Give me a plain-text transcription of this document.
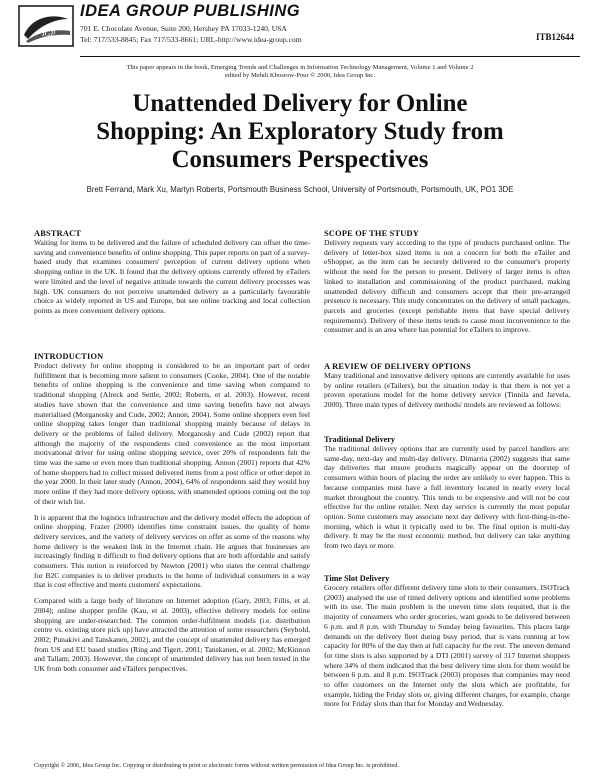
IGP
IDEA GROUP PUBLISHING
701 E. Chocolate Avenue, Suite 200, Hershey PA 17033-1240, USA
Tel: 717/533-8845; Fax 717/533-8661; URL-http://www.idea-group.com	ITB12644
This paper appears in the book, Emerging Trends and Challenges in Information Technology Management, Volume 1 and Volume 2
edited by Mehdi Khosrow-Pour © 2006, Idea Group Inc.
Unattended Delivery for Online
Shopping: An Exploratory Study from
Consumers Perspectives
Brett Ferrand, Mark Xu, Martyn Roberts, Portsmouth Business School, University of Portsmouth, Portsmouth, UK, PO1 3DE
ABSTRACT

Waiting for items to be delivered and the failure of scheduled delivery can offset the time-saving and convenience benefits of online shopping. This paper reports on part of a survey-based study that examines consumers' perception of current delivery options when shopping online in the UK. It found that the delivery options currently offered by eTailers were limited and the level of negative attitude towards the current delivery processes was high. UK consumers do not perceive unattended delivery as a particularly favourable choice as widely reported in US and Europe, but see online tracking and local collection points as more convenient delivery options.

INTRODUCTION

Product delivery for online shopping is considered to be an important part of order fulfillment that is becoming more salient to consumers (Cooke, 2004). One of the notable benefits of online shopping is the convenience and time saving when compared to traditional shopping (Alreck and Settle, 2002; Roberts, et al. 2003). However, recent studies have shown that the convenience and time saving benefits have not always materialised (Morganosky and Cude, 2002; Annon, 2004). Some online shoppers even feel online shopping takes longer than traditional shopping mainly because of delays in delivery or the problems of failed delivery. Morganosky and Cude (2002) report that although the majority of the respondents cited convenience as the most important motivational driver for using online shopping service, over 20% of respondents felt the time was the same or even more than traditional shopping. Annon (2001) reports that 42% of home shoppers had to collect missed delivered items from a post office or other depot in the year 2000. In their later study (Annon, 2004), 64% of respondents said they would buy more online if they had more delivery options, with unattended options coming out the top of their wish list.

It is apparent that the logistics infrastructure and the delivery model effects the adoption of online shopping. Frazer (2000) identifies time constraint issues, the quality of home delivery services, and the variety of delivery services on offer as some of the reasons why home delivery is the weakest link in the Internet chain. He argues that businesses are increasingly finding it difficult to find delivery options that are both affordable and satisfy consumers. This notion is reinforced by Newton (2001) who states the central challenge for B2C companies is to deliver products to the home of individual consumers in a way that is cost effective and meets customers' expectations.

Compared with a large body of literature on Internet adoption (Gary, 2003; Fillis, et al. 2004); online shopper profile (Kau, et al. 2003), effective delivery models for online shopping are under-researched. The common order-fulfilment models (i.e. distribution centre vs. existing store pick up) have attracted the attention of some researchers (Seybold, 2002; Punakivi and Tanskanen, 2002), and the concept of unattended delivery has emerged from US and EU based studies (Ring and Tigert, 2001; Tanskanen, et al. 2002; McKinnon and Tallam; 2003). However, the concept of unattended delivery has not been tested in the UK from both consumer and eTailers perspectives.

SCOPE OF THE STUDY

Delivery requests vary according to the type of products purchased online. The delivery of letter-box sized items is not a concern for both the eTailer and eShopper, as the item can be securely delivered to the consumer's property without the need for the person to present. Delivery of larger items is often linked to installation and commissioning of the product purchased, making unattended delivery difficult and consumers accept that their pre-arranged presence is necessary. This study concentrates on the delivery of small packages, parcels and groceries (except perishable items that have special delivery requirements). Delivery of these items tends to cause most inconvenience to the consumer and is an area where has potential for eTailers to improve.

A REVIEW OF DELIVERY OPTIONS

Many traditional and innovative delivery options are currently available for uses by online retailers (eTailers), but the situation today is that there is not yet a proven operations model for the home delivery service (Tinnila and Jarvela, 2000). Three main types of delivery methods/ models are reviewed as follows:

Traditional Delivery

The traditional delivery options that are currently used by parcel handlers are: same-day, next-day and multi-day delivery. Dimarria (2002) suggests that same day deliveries that ensure products magically appear on the doorstep of consumers within hours of placing the order are unlikely to ever happen. This is because companies must have a full inventory located in nearly every local market throughout the country. This tends to be expensive and will not be cost effective for the online retailer. Next day service is currently the most popular option. Some customers may associate next day delivery with first-thing-in-the-morning, which is what it typically used to be. The final option is multi-day delivery. It may be the most economic method, but delivery can take anything from two days or more.

Time Slot Delivery

Grocery retailers offer different delivery time slots to their consumers. ISOTrack (2003) analysed the use of timed delivery options and identified some problems with its use. The main problem is the uneven time slots required, that is the majority of consumers who order groceries, want goods to be delivered between 6 p.m. and 8 p.m. with Thursday to Sunday being favourites. This places large demands on the delivery fleet during busy period, that is vans running at low capacity for 80% of the day then at full capacity for the rest. The uneven demand for time slots is also supported by a DTI (2001) survey of 317 Internet shoppers where 34% of them indicated that the best delivery time slots for them would be between 6 p.m. and 8 p.m. ISOTrack (2003) proposes that companies may need to offer customers on the Internet only the slots which are profitable, for example, hiding the Friday slots or, giving different charges, for example, charge more for Friday slots than that for Monday and Wednesday.

Copyright © 2006, Idea Group Inc. Copying or distributing in print or electronic forms without written permission of Idea Group Inc. is prohibited.
